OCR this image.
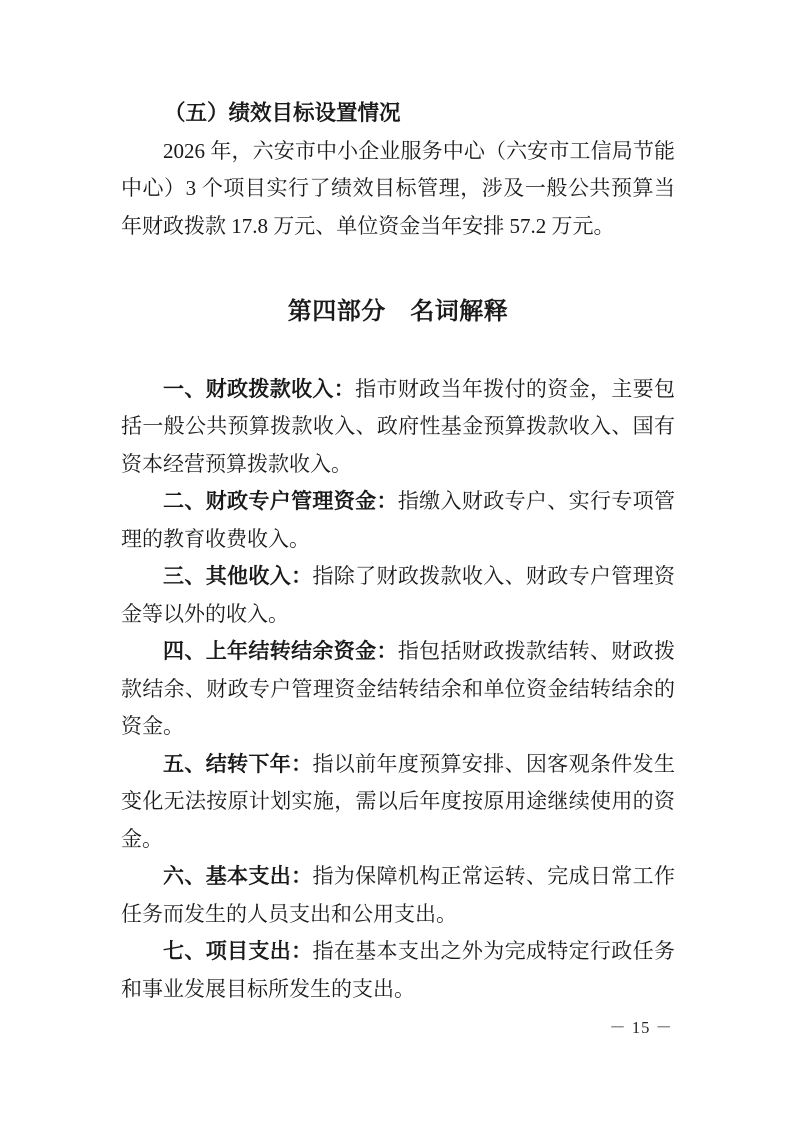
（五）绩效目标设置情况

2026 年，六安市中小企业服务中心（六安市工信局节能中心）3 个项目实行了绩效目标管理，涉及一般公共预算当年财政拨款 17.8 万元、单位资金当年安排 57.2 万元。

第四部分　名词解释

一、财政拨款收入：指市财政当年拨付的资金，主要包括一般公共预算拨款收入、政府性基金预算拨款收入、国有资本经营预算拨款收入。

二、财政专户管理资金：指缴入财政专户、实行专项管理的教育收费收入。

三、其他收入：指除了财政拨款收入、财政专户管理资金等以外的收入。

四、上年结转结余资金：指包括财政拨款结转、财政拨款结余、财政专户管理资金结转结余和单位资金结转结余的资金。

五、结转下年：指以前年度预算安排、因客观条件发生变化无法按原计划实施，需以后年度按原用途继续使用的资金。

六、基本支出：指为保障机构正常运转、完成日常工作任务而发生的人员支出和公用支出。

七、项目支出：指在基本支出之外为完成特定行政任务和事业发展目标所发生的支出。

－ 15 －
